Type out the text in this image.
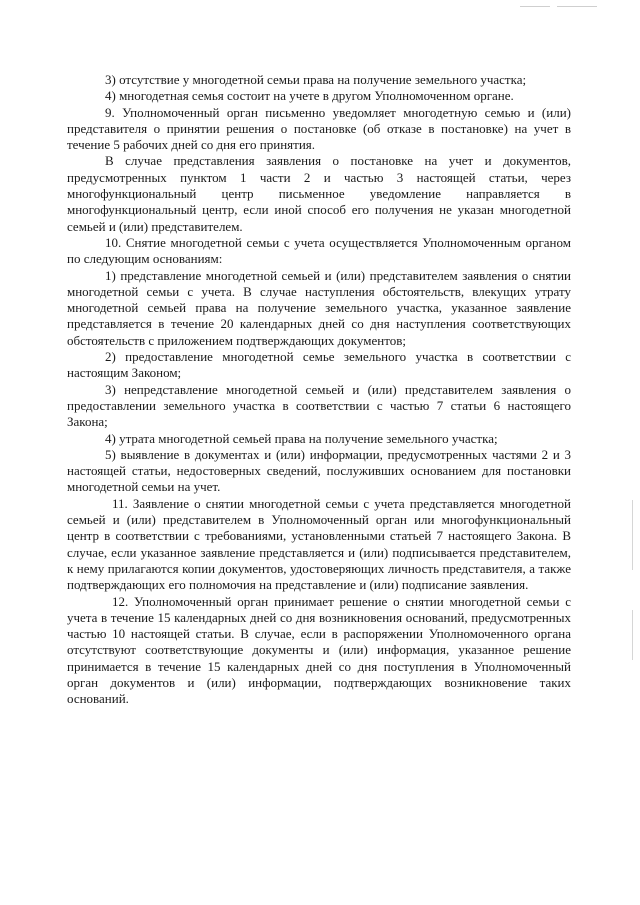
3) отсутствие у многодетной семьи права на получение земельного участка;

4) многодетная семья состоит на учете в другом Уполномоченном органе.

9. Уполномоченный орган письменно уведомляет многодетную семью и (или) представителя о принятии решения о постановке (об отказе в постановке) на учет в течение 5 рабочих дней со дня его принятия.

В случае представления заявления о постановке на учет и документов, предусмотренных пунктом 1 части 2 и частью 3 настоящей статьи, через многофункциональный центр письменное уведомление направляется в многофункциональный центр, если иной способ его получения не указан многодетной семьей и (или) представителем.

10. Снятие многодетной семьи с учета осуществляется Уполномоченным органом по следующим основаниям:

1) представление многодетной семьей и (или) представителем заявления о снятии многодетной семьи с учета. В случае наступления обстоятельств, влекущих утрату многодетной семьей права на получение земельного участка, указанное заявление представляется в течение 20 календарных дней со дня наступления соответствующих обстоятельств с приложением подтверждающих документов;

2) предоставление многодетной семье земельного участка в соответствии с настоящим Законом;

3) непредставление многодетной семьей и (или) представителем заявления о предоставлении земельного участка в соответствии с частью 7 статьи 6 настоящего Закона;

4) утрата многодетной семьей права на получение земельного участка;

5) выявление в документах и (или) информации, предусмотренных частями 2 и 3 настоящей статьи, недостоверных сведений, послуживших основанием для постановки многодетной семьи на учет.

11. Заявление о снятии многодетной семьи с учета представляется многодетной семьей и (или) представителем в Уполномоченный орган или многофункциональный центр в соответствии с требованиями, установленными статьей 7 настоящего Закона. В случае, если указанное заявление представляется и (или) подписывается представителем, к нему прилагаются копии документов, удостоверяющих личность представителя, а также подтверждающих его полномочия на представление и (или) подписание заявления.

12. Уполномоченный орган принимает решение о снятии многодетной семьи с учета в течение 15 календарных дней со дня возникновения оснований, предусмотренных частью 10 настоящей статьи. В случае, если в распоряжении Уполномоченного органа отсутствуют соответствующие документы и (или) информация, указанное решение принимается в течение 15 календарных дней со дня поступления в Уполномоченный орган документов и (или) информации, подтверждающих возникновение таких оснований.
